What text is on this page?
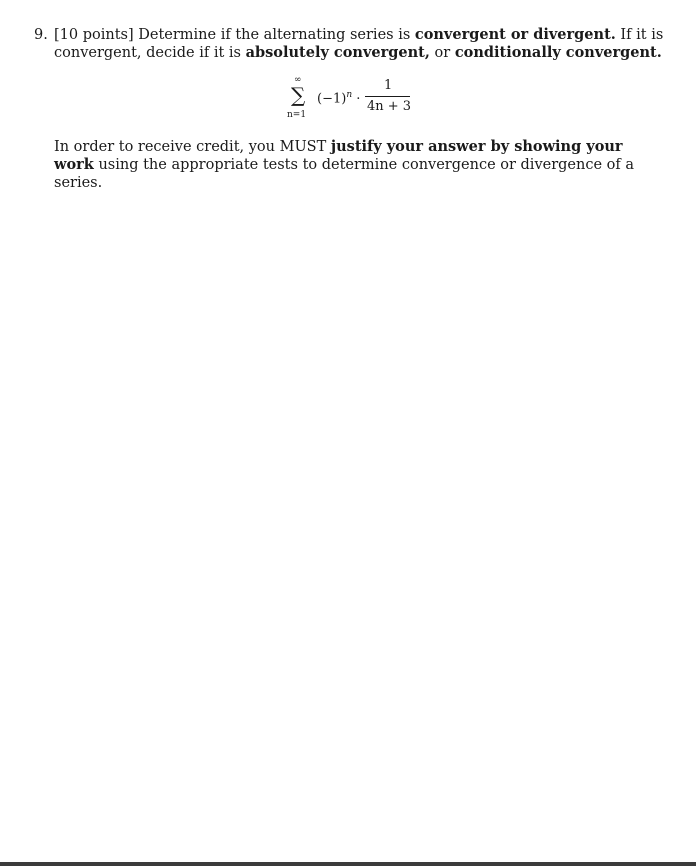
9. [10 points] Determine if the alternating series is convergent or divergent. If it is
convergent, decide if it is absolutely convergent, or conditionally convergent.
∞
∑
n=1
$(-1)^n$ ·
1
4n + 3
In order to receive credit, you MUST justify your answer by showing your work using the appropriate tests to determine convergence or divergence of a series.
